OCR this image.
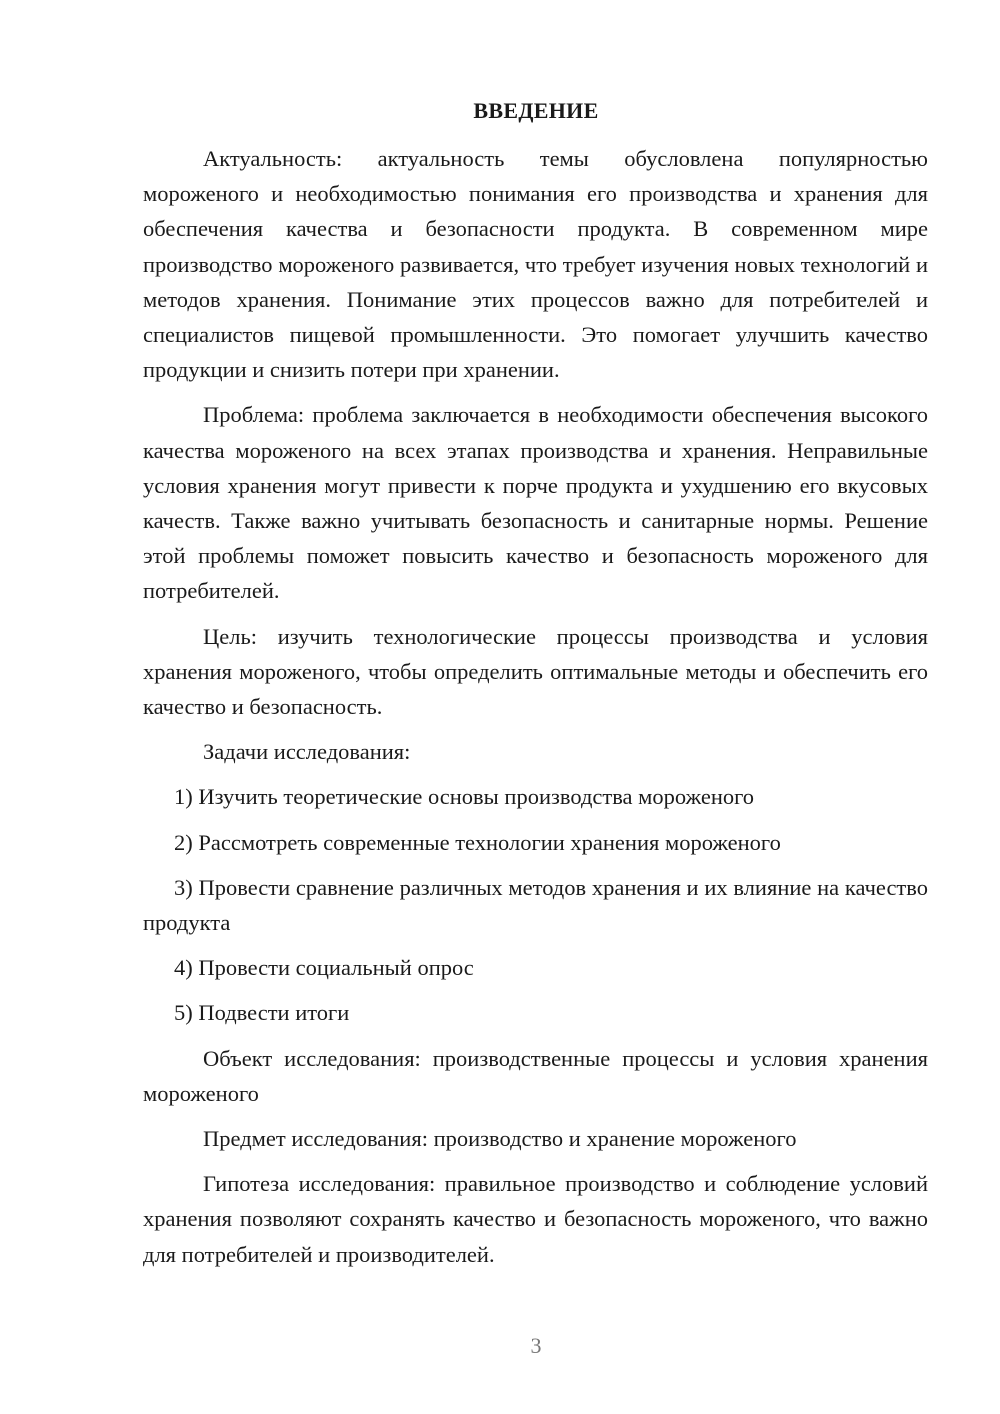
ВВЕДЕНИЕ

Актуальность: актуальность темы обусловлена популярностью мороженого и необходимостью понимания его производства и хранения для обеспечения качества и безопасности продукта. В современном мире производство мороженого развивается, что требует изучения новых технологий и методов хранения. Понимание этих процессов важно для потребителей и специалистов пищевой промышленности. Это помогает улучшить качество продукции и снизить потери при хранении.

Проблема: проблема заключается в необходимости обеспечения высокого качества мороженого на всех этапах производства и хранения. Неправильные условия хранения могут привести к порче продукта и ухудшению его вкусовых качеств. Также важно учитывать безопасность и санитарные нормы. Решение этой проблемы поможет повысить качество и безопасность мороженого для потребителей.

Цель: изучить технологические процессы производства и условия хранения мороженого, чтобы определить оптимальные методы и обеспечить его качество и безопасность.

Задачи исследования:

1) Изучить теоретические основы производства мороженого

2) Рассмотреть современные технологии хранения мороженого

3) Провести сравнение различных методов хранения и их влияние на качество продукта

4) Провести социальный опрос

5) Подвести итоги

Объект исследования: производственные процессы и условия хранения мороженого

Предмет исследования: производство и хранение мороженого

Гипотеза исследования: правильное производство и соблюдение условий хранения позволяют сохранять качество и безопасность мороженого, что важно для потребителей и производителей.

3
